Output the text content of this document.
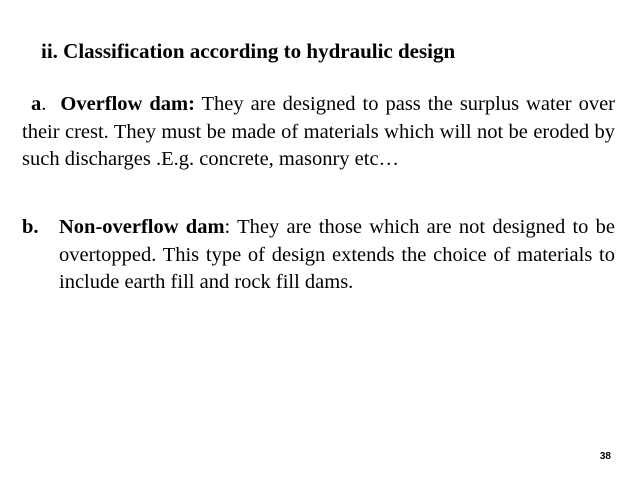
ii. Classification according to hydraulic design
a. Overflow dam: They are designed to pass the surplus water over their crest. They must be made of materials which will not be eroded by such discharges .E.g. concrete, masonry etc…
b. Non-overflow dam: They are those which are not designed to be overtopped. This type of design extends the choice of materials to include earth fill and rock fill dams.
38
